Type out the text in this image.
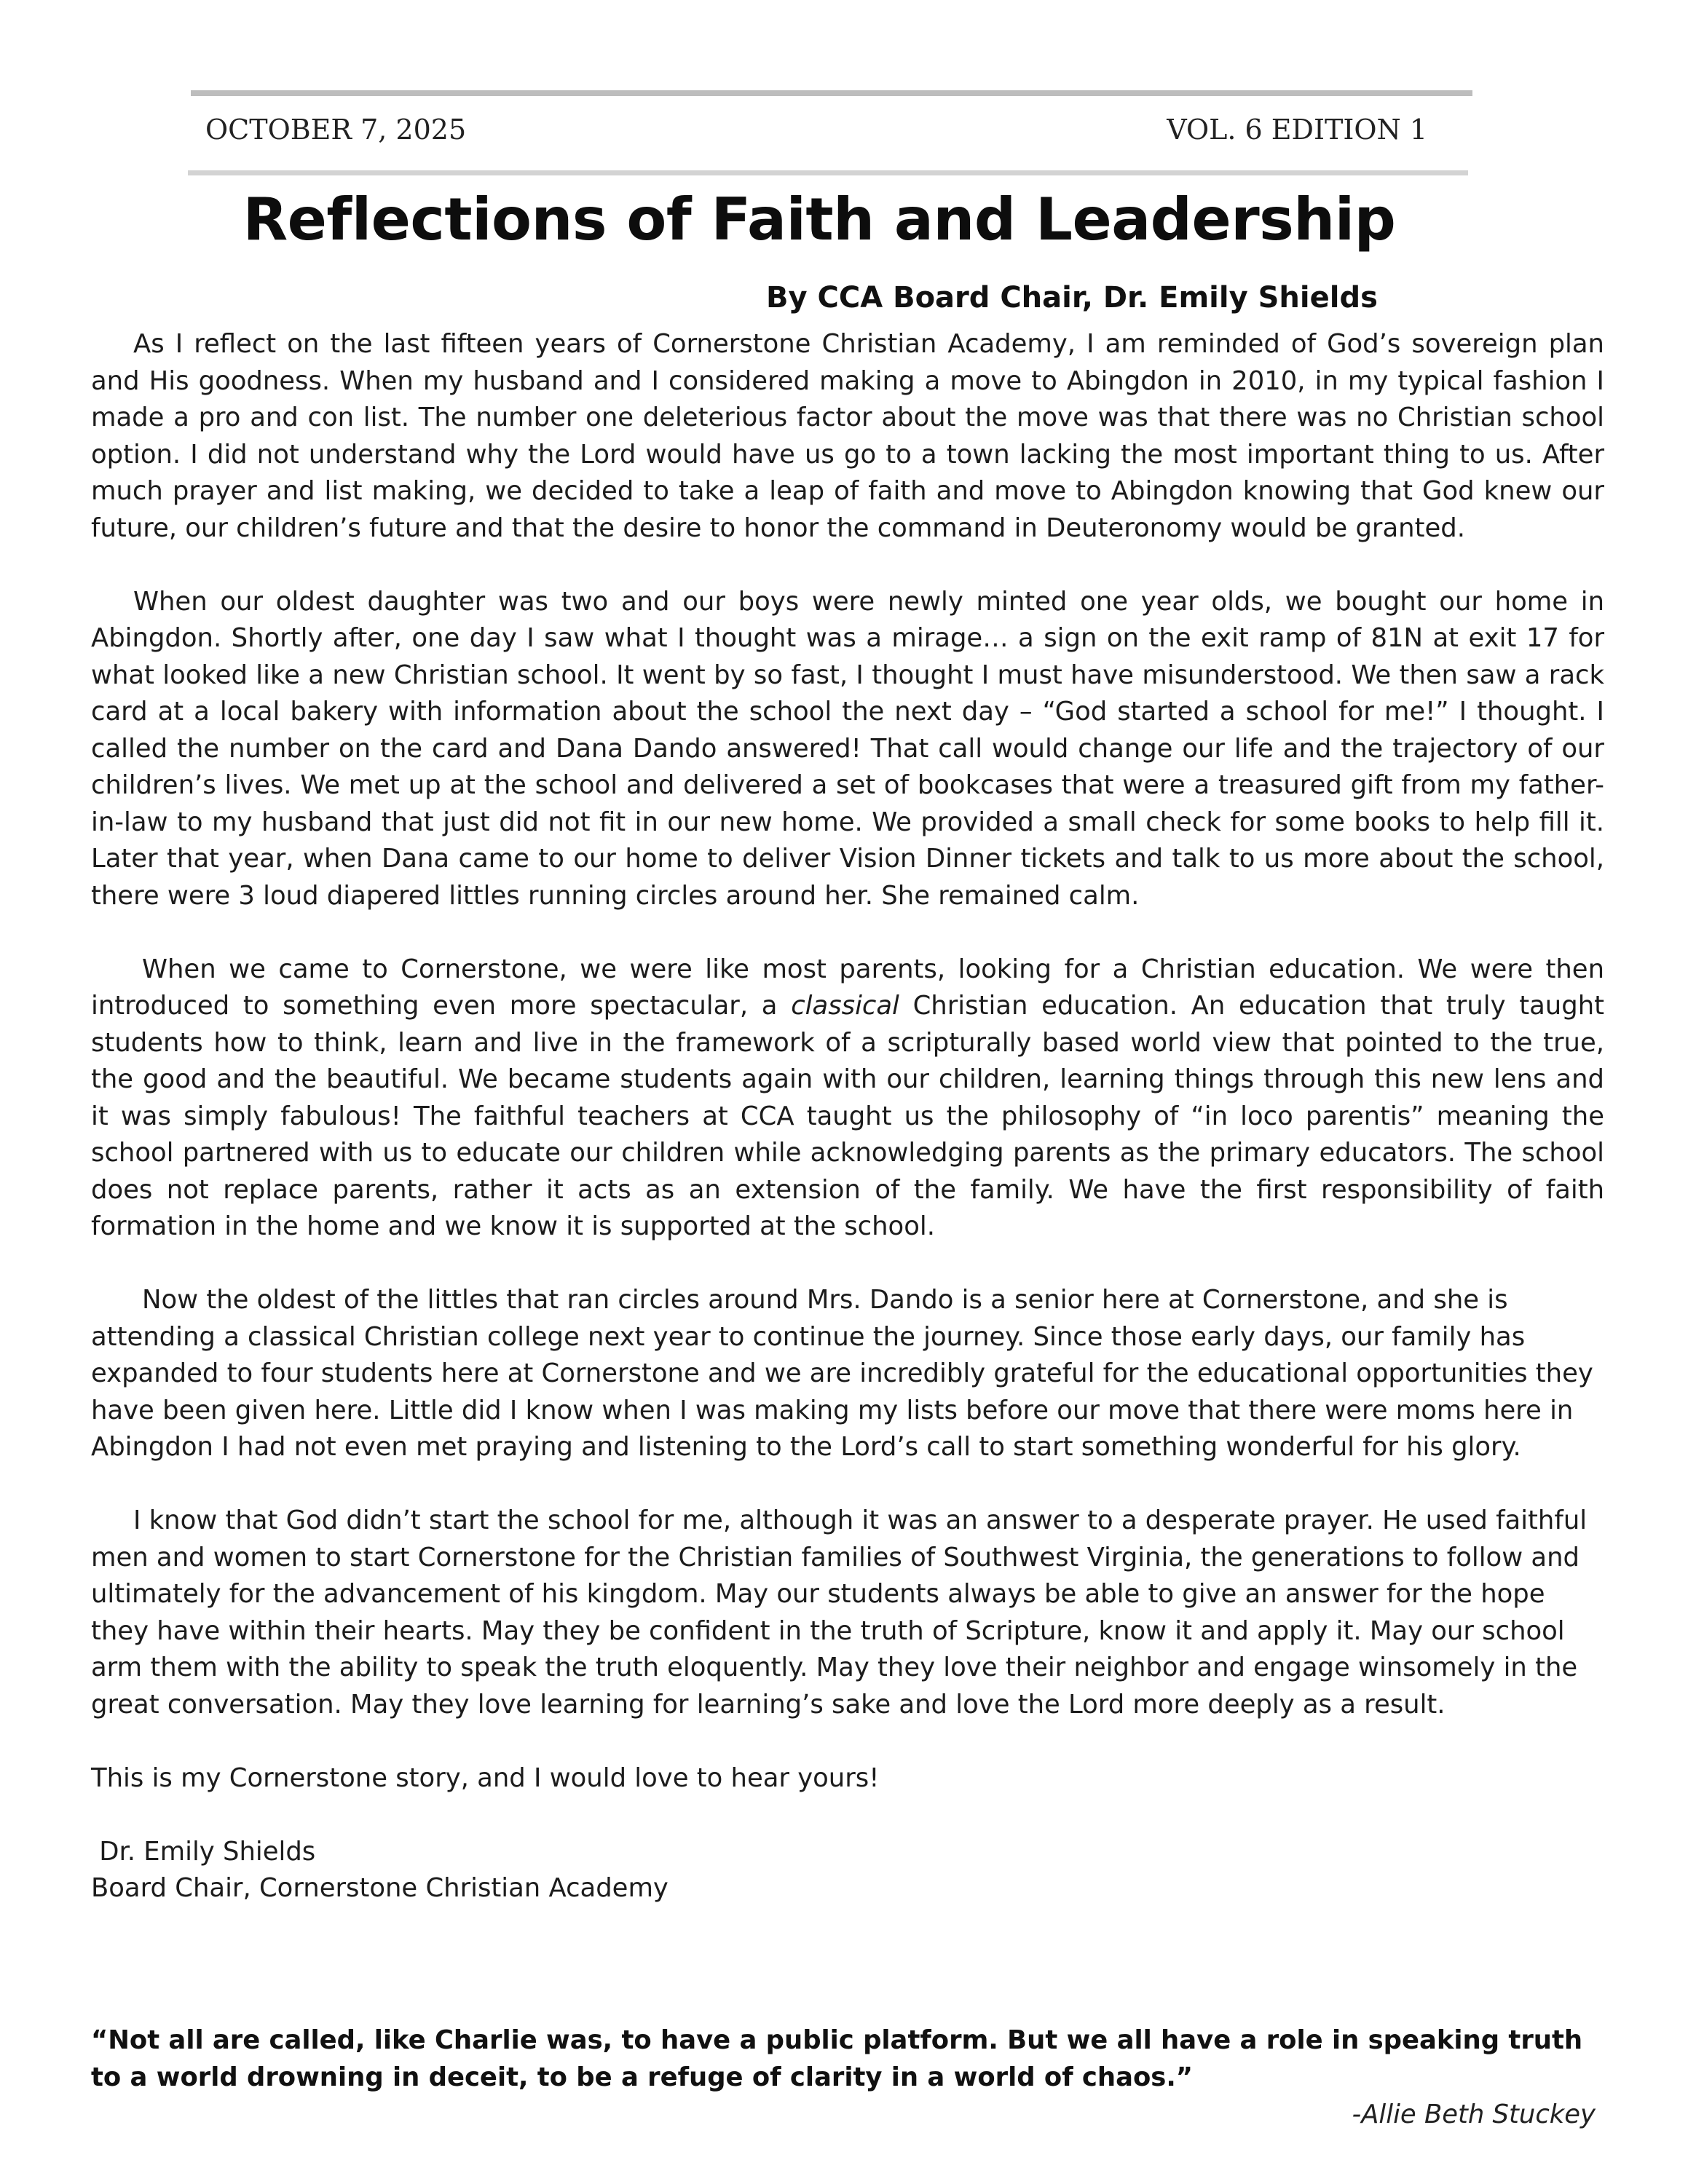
OCTOBER 7, 2025	VOL. 6 EDITION 1
Reflections of Faith and Leadership
By CCA Board Chair, Dr. Emily Shields

As I reflect on the last fifteen years of Cornerstone Christian Academy, I am reminded of God’s sovereign plan and His goodness. When my husband and I considered making a move to Abingdon in 2010, in my typical fashion I made a pro and con list. The number one deleterious factor about the move was that there was no Christian school option. I did not understand why the Lord would have us go to a town lacking the most important thing to us. After much prayer and list making, we decided to take a leap of faith and move to Abingdon knowing that God knew our future, our children’s future and that the desire to honor the command in Deuteronomy would be granted.

When our oldest daughter was two and our boys were newly minted one year olds, we bought our home in Abingdon. Shortly after, one day I saw what I thought was a mirage… a sign on the exit ramp of 81N at exit 17 for what looked like a new Christian school. It went by so fast, I thought I must have misunderstood. We then saw a rack card at a local bakery with information about the school the next day – “God started a school for me!” I thought. I called the number on the card and Dana Dando answered! That call would change our life and the trajectory of our children’s lives. We met up at the school and delivered a set of bookcases that were a treasured gift from my father-in-law to my husband that just did not fit in our new home. We provided a small check for some books to help fill it. Later that year, when Dana came to our home to deliver Vision Dinner tickets and talk to us more about the school, there were 3 loud diapered littles running circles around her. She remained calm.

When we came to Cornerstone, we were like most parents, looking for a Christian education. We were then introduced to something even more spectacular, a classical Christian education. An education that truly taught students how to think, learn and live in the framework of a scripturally based world view that pointed to the true, the good and the beautiful. We became students again with our children, learning things through this new lens and it was simply fabulous! The faithful teachers at CCA taught us the philosophy of “in loco parentis” meaning the school partnered with us to educate our children while acknowledging parents as the primary educators. The school does not replace parents, rather it acts as an extension of the family. We have the first responsibility of faith formation in the home and we know it is supported at the school.

Now the oldest of the littles that ran circles around Mrs. Dando is a senior here at Cornerstone, and she is attending a classical Christian college next year to continue the journey. Since those early days, our family has expanded to four students here at Cornerstone and we are incredibly grateful for the educational opportunities they have been given here. Little did I know when I was making my lists before our move that there were moms here in Abingdon I had not even met praying and listening to the Lord’s call to start something wonderful for his glory.

I know that God didn’t start the school for me, although it was an answer to a desperate prayer. He used faithful men and women to start Cornerstone for the Christian families of Southwest Virginia, the generations to follow and ultimately for the advancement of his kingdom. May our students always be able to give an answer for the hope they have within their hearts. May they be confident in the truth of Scripture, know it and apply it. May our school arm them with the ability to speak the truth eloquently. May they love their neighbor and engage winsomely in the great conversation. May they love learning for learning’s sake and love the Lord more deeply as a result.

This is my Cornerstone story, and I would love to hear yours!
Dr. Emily Shields
Board Chair, Cornerstone Christian Academy
“Not all are called, like Charlie was, to have a public platform. But we all have a role in speaking truth to a world drowning in deceit, to be a refuge of clarity in a world of chaos.”
-Allie Beth Stuckey
